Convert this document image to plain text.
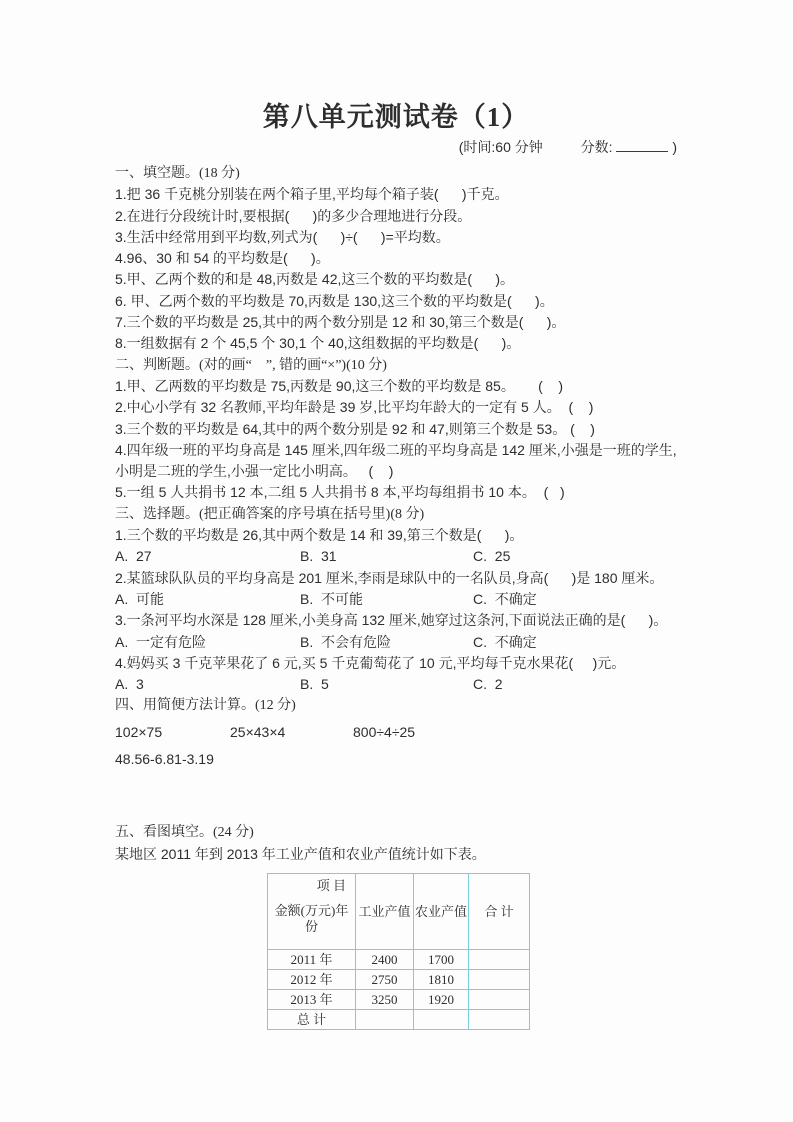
第八单元测试卷（1）
(时间:60 分钟	分数:	)
一、填空题。(18 分)
1.把 36 千克桃分别装在两个箱子里,平均每个箱子装(      )千克。
2.在进行分段统计时,要根据(      )的多少合理地进行分段。
3.生活中经常用到平均数,列式为(      )÷(      )=平均数。
4.96、30 和 54 的平均数是(      )。
5.甲、乙两个数的和是 48,丙数是 42,这三个数的平均数是(      )。
6. 甲、乙两个数的平均数是 70,丙数是 130,这三个数的平均数是(      )。
7.三个数的平均数是 25,其中的两个数分别是 12 和 30,第三个数是(      )。
8.一组数据有 2 个 45,5 个 30,1 个 40,这组数据的平均数是(      )。
二、判断题。(对的画“　”, 错的画“×”)(10 分)
1.甲、乙两数的平均数是 75,丙数是 90,这三个数的平均数是 85。      (    )
2.中心小学有 32 名教师,平均年龄是 39 岁,比平均年龄大的一定有 5 人。  (    )
3.三个数的平均数是 64,其中的两个数分别是 92 和 47,则第三个数是 53。 (    )
4.四年级一班的平均身高是 145 厘米,四年级二班的平均身高是 142 厘米,小强是一班的学生,
小明是二班的学生,小强一定比小明高。   (    )
5.一组 5 人共捐书 12 本,二组 5 人共捐书 8 本,平均每组捐书 10 本。  (   )
三、选择题。(把正确答案的序号填在括号里)(8 分)
1.三个数的平均数是 26,其中两个数是 14 和 39,第三个数是(      )。
A.  27	B.  31	C.  25
2.某篮球队队员的平均身高是 201 厘米,李雨是球队中的一名队员,身高(      )是 180 厘米。
A.  可能	B.  不可能	C.  不确定
3.一条河平均水深是 128 厘米,小美身高 132 厘米,她穿过这条河,下面说法正确的是(      )。
A.  一定有危险	B.  不会有危险	C.  不确定
4.妈妈买 3 千克苹果花了 6 元,买 5 千克葡萄花了 10 元,平均每千克水果花(     )元。
A.  3	B.  5	C.  2
四、用简便方法计算。(12 分)
102×75	25×43×4	800÷4÷25
48.56-6.81-3.19
五、看图填空。(24 分)
某地区 2011 年到 2013 年工业产值和农业产值统计如下表。
项 目
金额(万元)年份	工业产值	农业产值	合 计
2011 年	2400	1700	
2012 年	2750	1810	
2013 年	3250	1920	
总 计			
